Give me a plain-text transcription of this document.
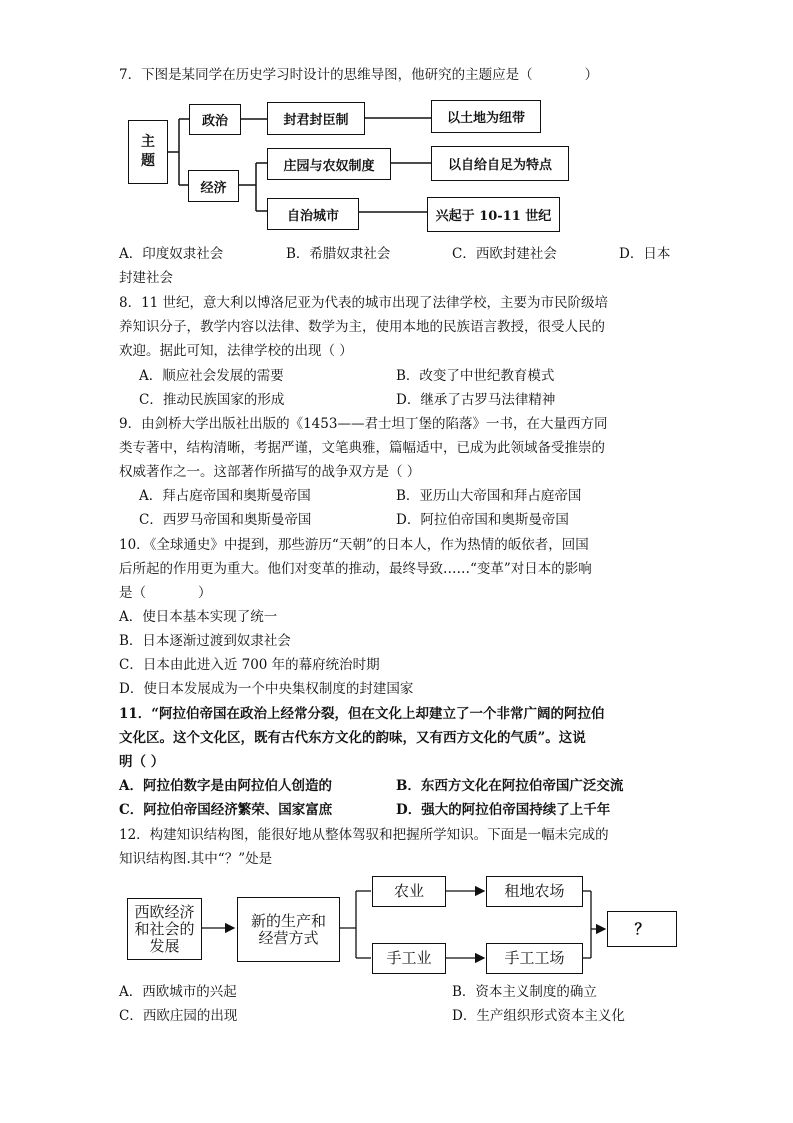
7．下图是某同学在历史学习时设计的思维导图，他研究的主题应是（	）
主题
政治
经济
封君封臣制	以土地为纽带
庄园与农奴制度	以自给自足为特点
自治城市	兴起于 10-11 世纪
A．印度奴隶社会	B．希腊奴隶社会	C．西欧封建社会	D．日本
封建社会
8．11 世纪，意大利以博洛尼亚为代表的城市出现了法律学校，主要为市民阶级培
养知识分子，教学内容以法律、数学为主，使用本地的民族语言教授，很受人民的
欢迎。据此可知，法律学校的出现（ ）
A．顺应社会发展的需要	B．改变了中世纪教育模式
C．推动民族国家的形成	D．继承了古罗马法律精神
9．由剑桥大学出版社出版的《1453——君士坦丁堡的陷落》一书，在大量西方同
类专著中，结构清晰，考据严谨，文笔典雅，篇幅适中，已成为此领域备受推崇的
权威著作之一。这部著作所描写的战争双方是（ ）
A．拜占庭帝国和奥斯曼帝国	B．亚历山大帝国和拜占庭帝国
C．西罗马帝国和奥斯曼帝国	D．阿拉伯帝国和奥斯曼帝国
10．《全球通史》中提到，那些游历“天朝”的日本人，作为热情的皈依者，回国
后所起的作用更为重大。他们对变革的推动，最终导致……“变革”对日本的影响
是（	）
A．使日本基本实现了统一
B．日本逐渐过渡到奴隶社会
C．日本由此进入近 700 年的幕府统治时期
D．使日本发展成为一个中央集权制度的封建国家
11．“阿拉伯帝国在政治上经常分裂，但在文化上却建立了一个非常广阔的阿拉伯
文化区。这个文化区，既有古代东方文化的韵味，又有西方文化的气质”。这说
明（ ）
A．阿拉伯数字是由阿拉伯人创造的	B．东西方文化在阿拉伯帝国广泛交流
C．阿拉伯帝国经济繁荣、国家富庶	D．强大的阿拉伯帝国持续了上千年
12．构建知识结构图，能很好地从整体驾驭和把握所学知识。下面是一幅未完成的
知识结构图.其中“？”处是
西欧经济
和社会的
发展
新的生产和
经营方式
农业	租地农场
手工业	手工工场
？
A．西欧城市的兴起	B．资本主义制度的确立
C．西欧庄园的出现	D．生产组织形式资本主义化
